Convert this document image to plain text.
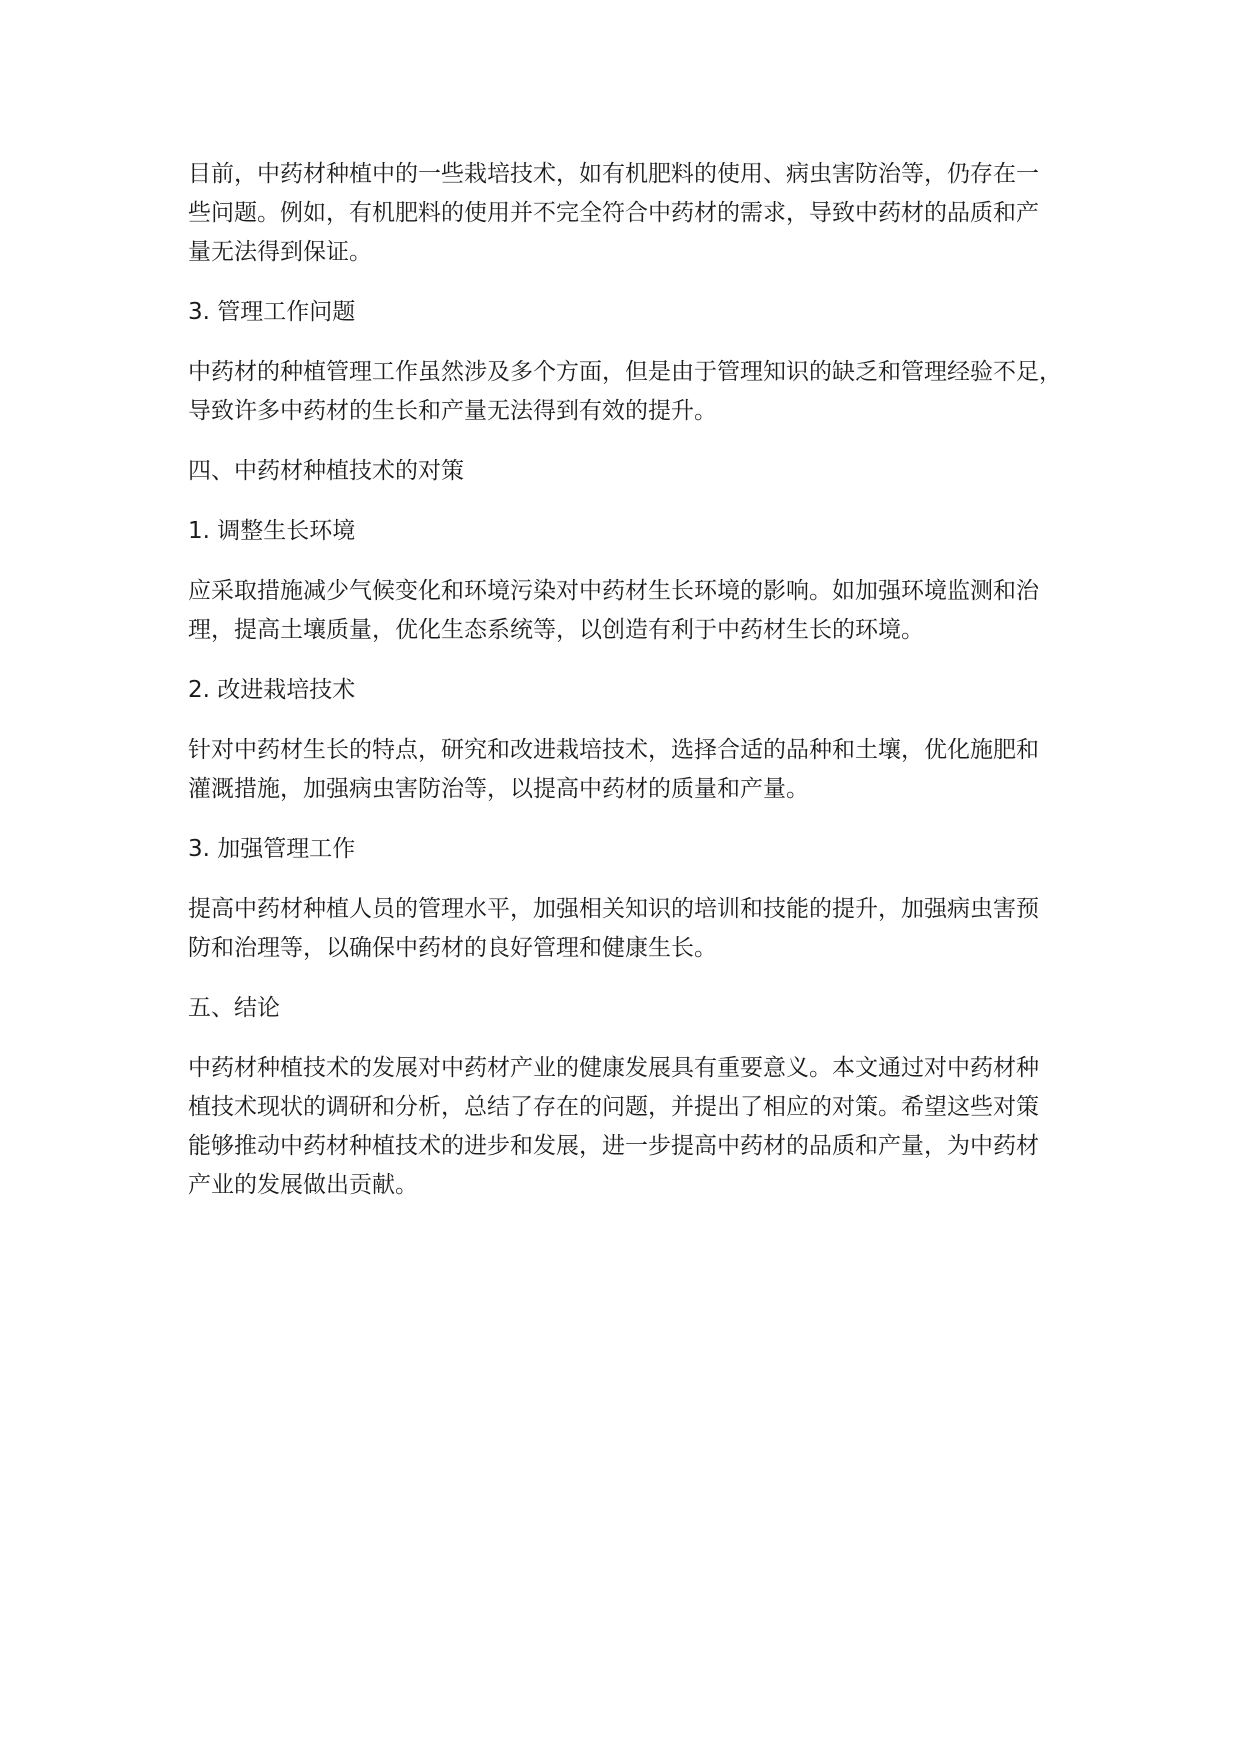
目前，中药材种植中的一些栽培技术，如有机肥料的使用、病虫害防治等，仍存在一
些问题。例如，有机肥料的使用并不完全符合中药材的需求，导致中药材的品质和产
量无法得到保证。
3. 管理工作问题
中药材的种植管理工作虽然涉及多个方面，但是由于管理知识的缺乏和管理经验不足，
导致许多中药材的生长和产量无法得到有效的提升。
四、中药材种植技术的对策
1. 调整生长环境
应采取措施减少气候变化和环境污染对中药材生长环境的影响。如加强环境监测和治
理，提高土壤质量，优化生态系统等，以创造有利于中药材生长的环境。
2. 改进栽培技术
针对中药材生长的特点，研究和改进栽培技术，选择合适的品种和土壤，优化施肥和
灌溉措施，加强病虫害防治等，以提高中药材的质量和产量。
3. 加强管理工作
提高中药材种植人员的管理水平，加强相关知识的培训和技能的提升，加强病虫害预
防和治理等，以确保中药材的良好管理和健康生长。
五、结论
中药材种植技术的发展对中药材产业的健康发展具有重要意义。本文通过对中药材种
植技术现状的调研和分析，总结了存在的问题，并提出了相应的对策。希望这些对策
能够推动中药材种植技术的进步和发展，进一步提高中药材的品质和产量，为中药材
产业的发展做出贡献。
